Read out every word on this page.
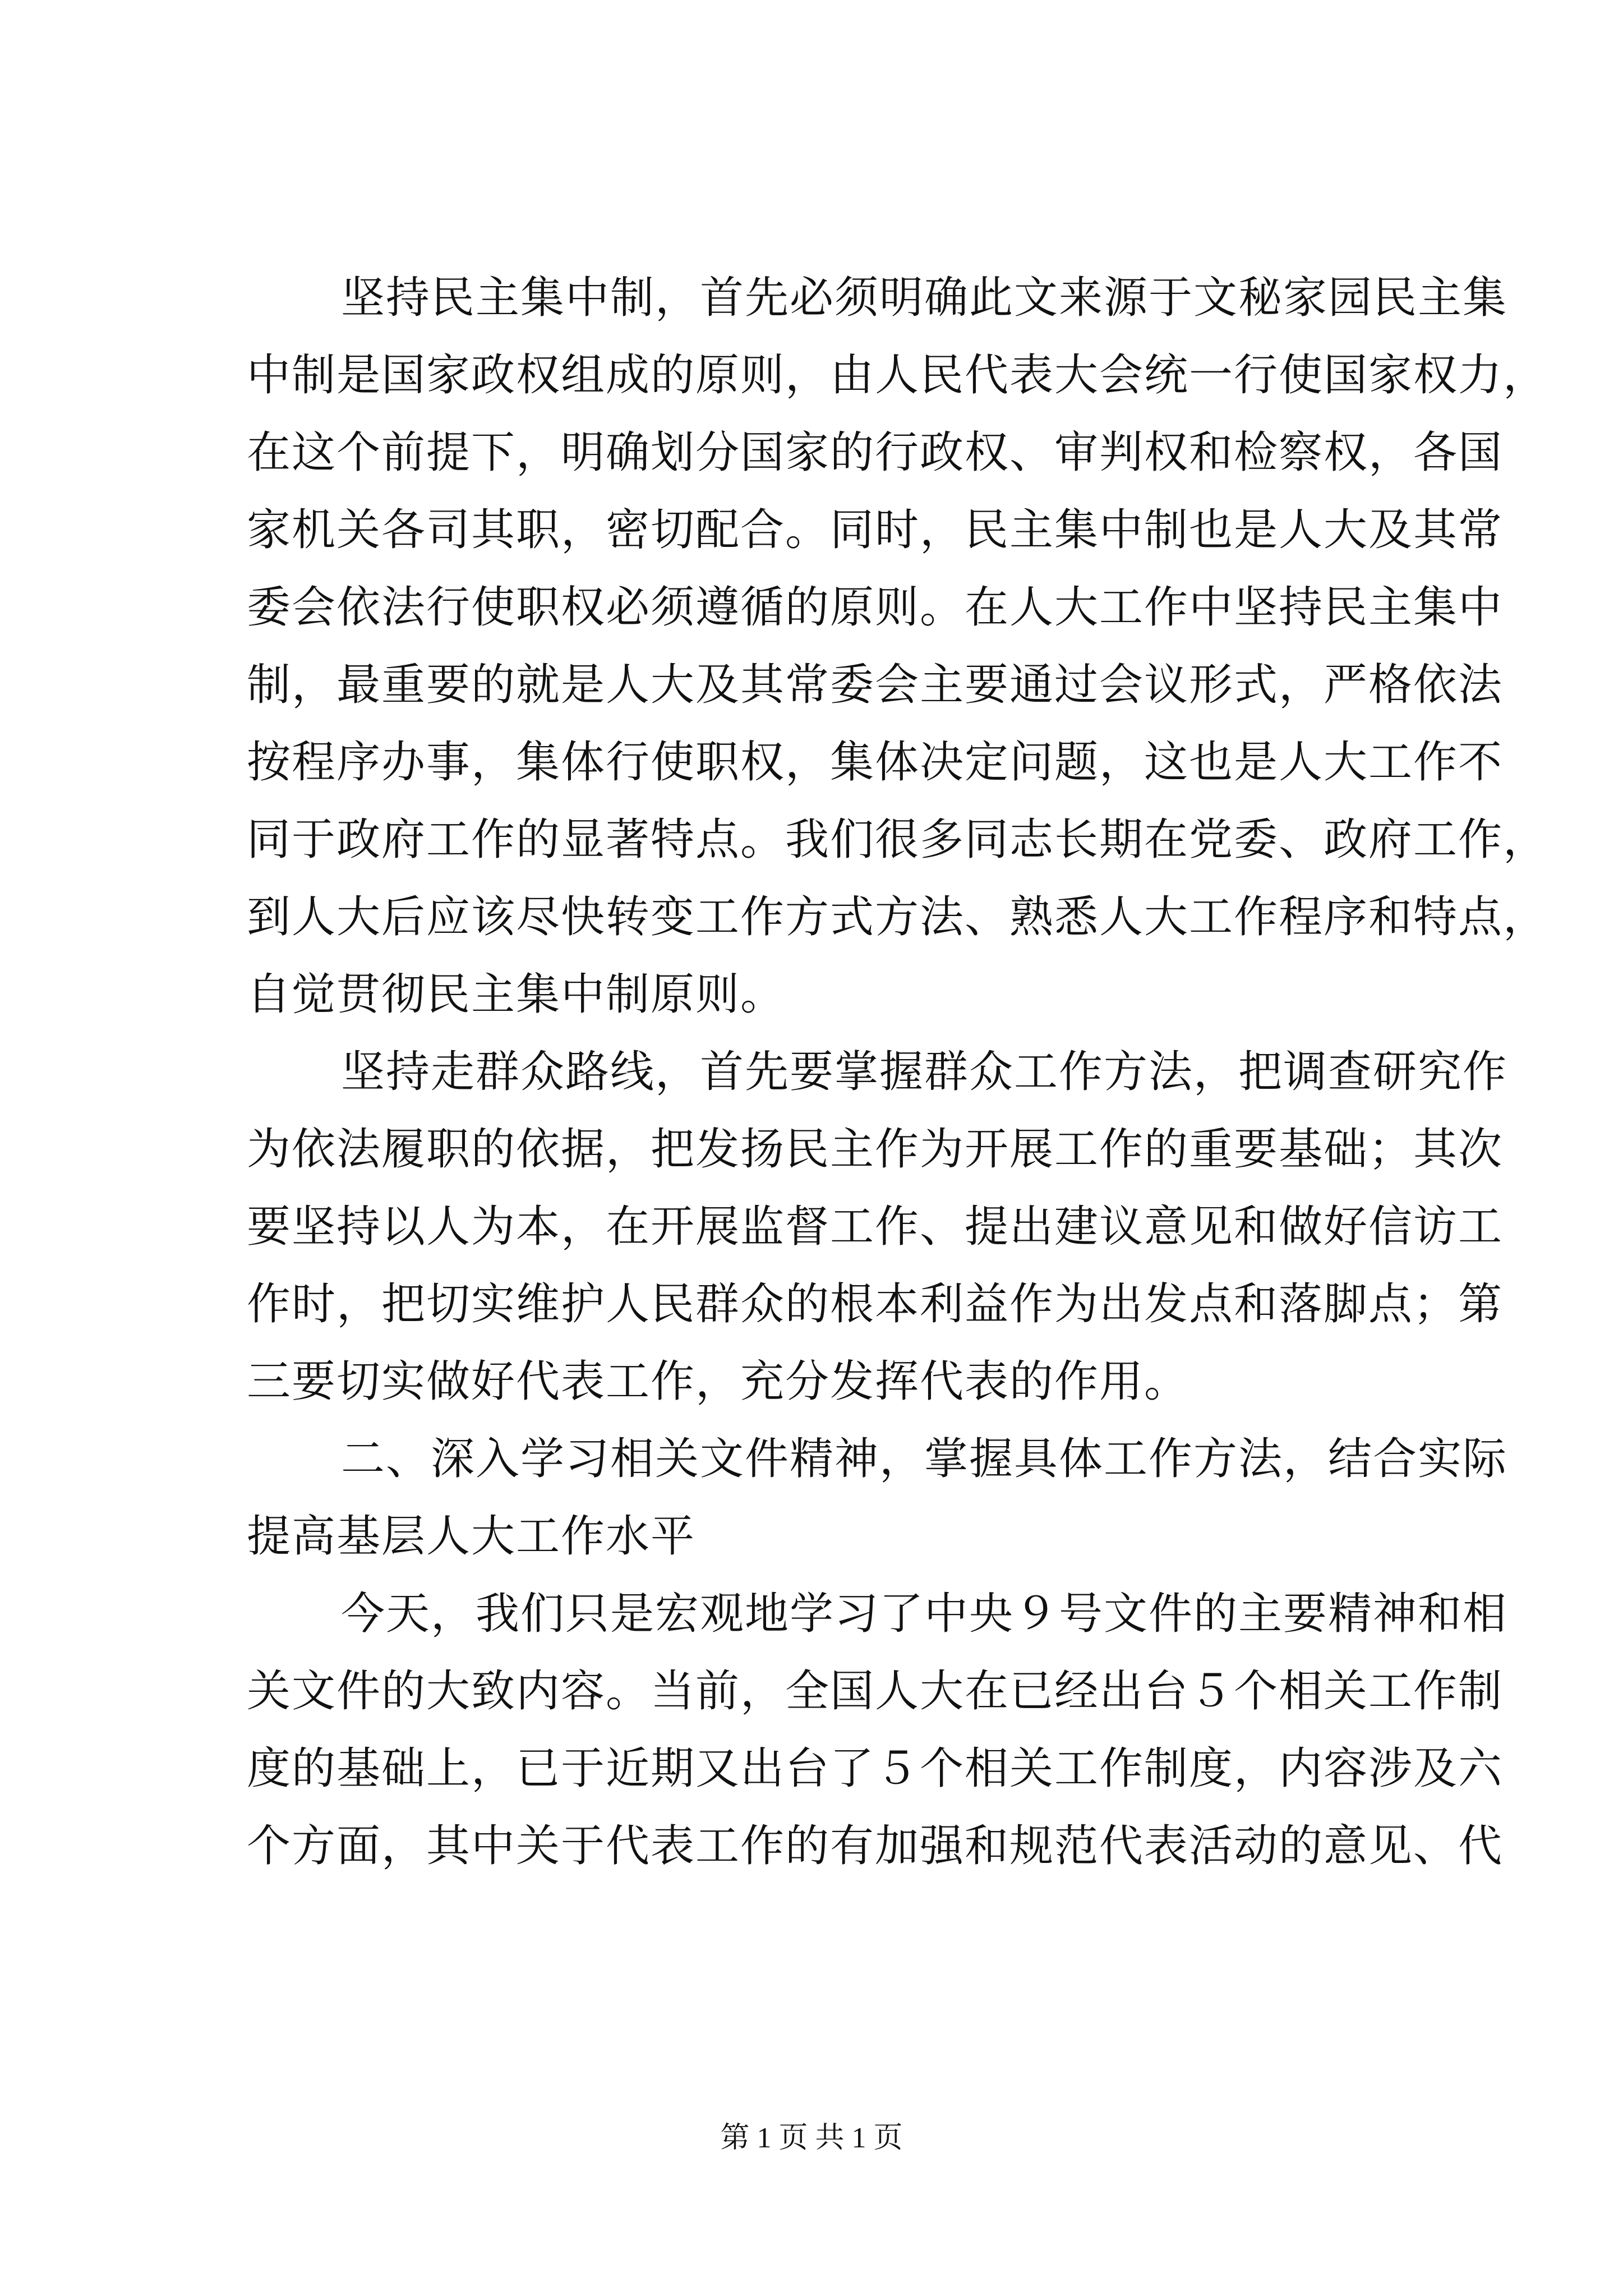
坚持民主集中制，首先必须明确此文来源于文秘家园民主集
中制是国家政权组成的原则，由人民代表大会统一行使国家权力，
在这个前提下，明确划分国家的行政权、审判权和检察权，各国
家机关各司其职，密切配合。同时，民主集中制也是人大及其常
委会依法行使职权必须遵循的原则。在人大工作中坚持民主集中
制，最重要的就是人大及其常委会主要通过会议形式，严格依法
按程序办事，集体行使职权，集体决定问题，这也是人大工作不
同于政府工作的显著特点。我们很多同志长期在党委、政府工作，
到人大后应该尽快转变工作方式方法、熟悉人大工作程序和特点，
自觉贯彻民主集中制原则。
坚持走群众路线，首先要掌握群众工作方法，把调查研究作
为依法履职的依据，把发扬民主作为开展工作的重要基础；其次
要坚持以人为本，在开展监督工作、提出建议意见和做好信访工
作时，把切实维护人民群众的根本利益作为出发点和落脚点；第
三要切实做好代表工作，充分发挥代表的作用。
二、深入学习相关文件精神，掌握具体工作方法，结合实际
提高基层人大工作水平
今天，我们只是宏观地学习了中央９号文件的主要精神和相
关文件的大致内容。当前，全国人大在已经出台５个相关工作制
度的基础上，已于近期又出台了５个相关工作制度，内容涉及六
个方面，其中关于代表工作的有加强和规范代表活动的意见、代
第 1 页 共 1 页
